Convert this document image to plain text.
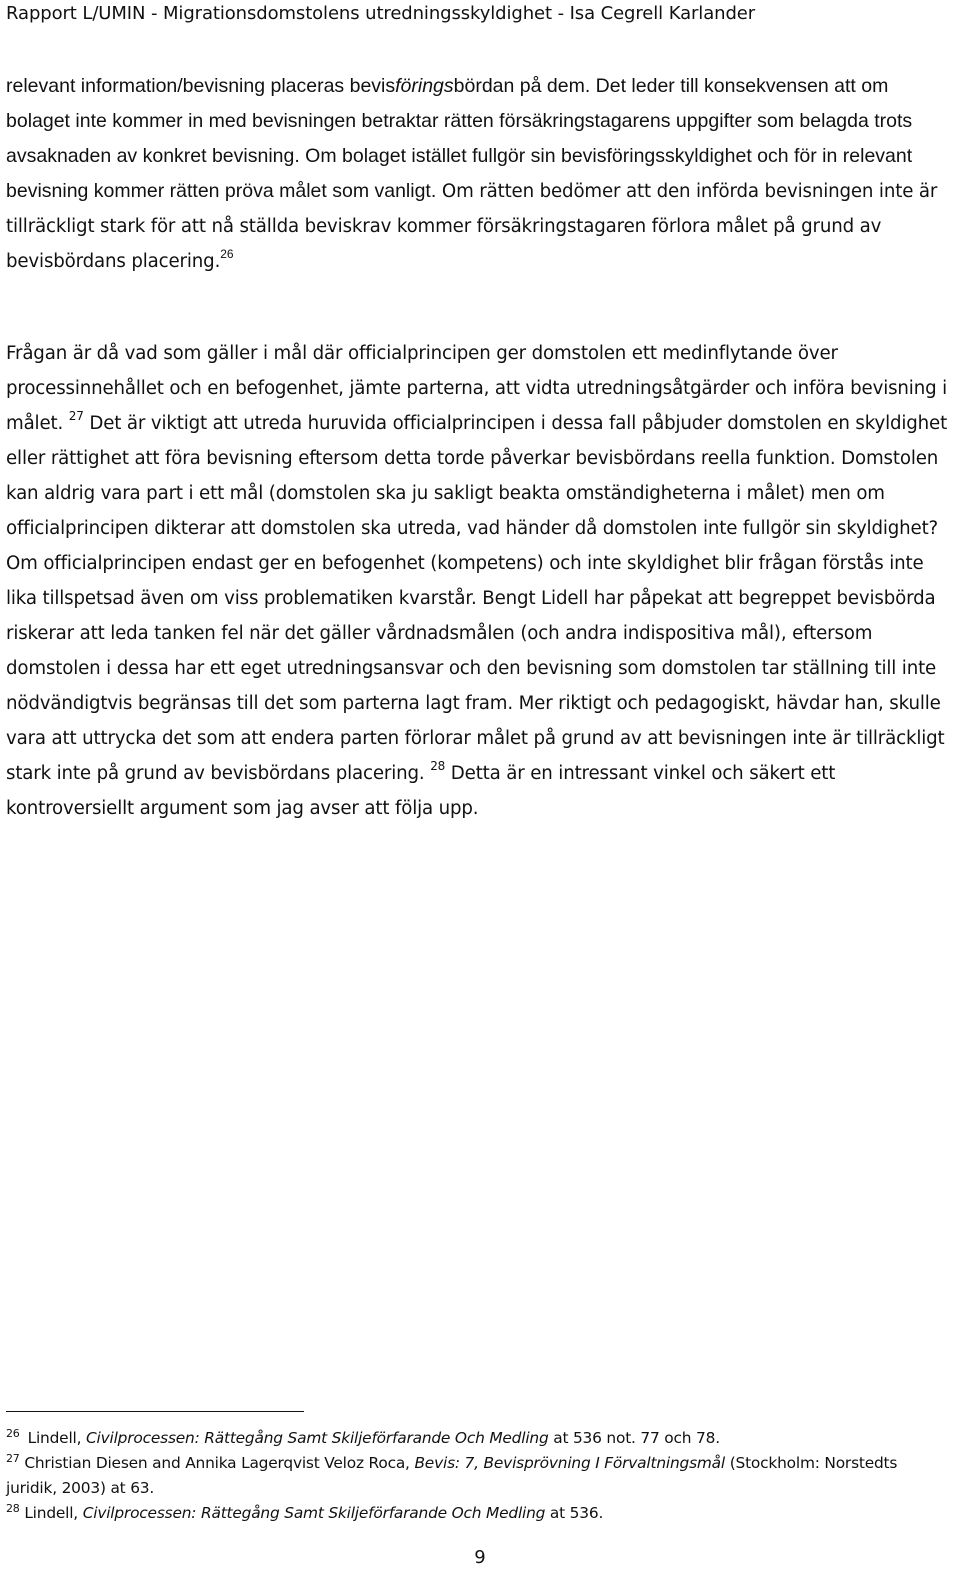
Rapport L/UMIN - Migrationsdomstolens utredningsskyldighet - Isa Cegrell Karlander

relevant information/bevisning placeras bevisföringsbördan på dem. Det leder till konsekvensen att om bolaget inte kommer in med bevisningen betraktar rätten försäkringstagarens uppgifter som belagda trots avsaknaden av konkret bevisning. Om bolaget istället fullgör sin bevisföringsskyldighet och för in relevant bevisning kommer rätten pröva målet som vanligt. Om rätten bedömer att den införda bevisningen inte är tillräckligt stark för att nå ställda beviskrav kommer försäkringstagaren förlora målet på grund av bevisbördans placering.$^{26}$

Frågan är då vad som gäller i mål där officialprincipen ger domstolen ett medinflytande över processinnehållet och en befogenhet, jämte parterna, att vidta utredningsåtgärder och införa bevisning i målet. $^{27}$ Det är viktigt att utreda huruvida officialprincipen i dessa fall påbjuder domstolen en skyldighet eller rättighet att föra bevisning eftersom detta torde påverkar bevisbördans reella funktion. Domstolen kan aldrig vara part i ett mål (domstolen ska ju sakligt beakta omständigheterna i målet) men om officialprincipen dikterar att domstolen ska utreda, vad händer då domstolen inte fullgör sin skyldighet? Om officialprincipen endast ger en befogenhet (kompetens) och inte skyldighet blir frågan förstås inte lika tillspetsad även om viss problematiken kvarstår. Bengt Lidell har påpekat att begreppet bevisbörda riskerar att leda tanken fel när det gäller vårdnadsmålen (och andra indispositiva mål), eftersom domstolen i dessa har ett eget utredningsansvar och den bevisning som domstolen tar ställning till inte nödvändigtvis begränsas till det som parterna lagt fram. Mer riktigt och pedagogiskt, hävdar han, skulle vara att uttrycka det som att endera parten förlorar målet på grund av att bevisningen inte är tillräckligt stark inte på grund av bevisbördans placering. $^{28}$ Detta är en intressant vinkel och säkert ett kontroversiellt argument som jag avser att följa upp.

$^{26}$ Lindell, Civilprocessen: Rättegång Samt Skiljeförfarande Och Medling at 536 not. 77 och 78.

$^{27}$ Christian Diesen and Annika Lagerqvist Veloz Roca, Bevis: 7, Bevisprövning I Förvaltningsmål (Stockholm: Norstedts juridik, 2003) at 63.

$^{28}$ Lindell, Civilprocessen: Rättegång Samt Skiljeförfarande Och Medling at 536.

9
